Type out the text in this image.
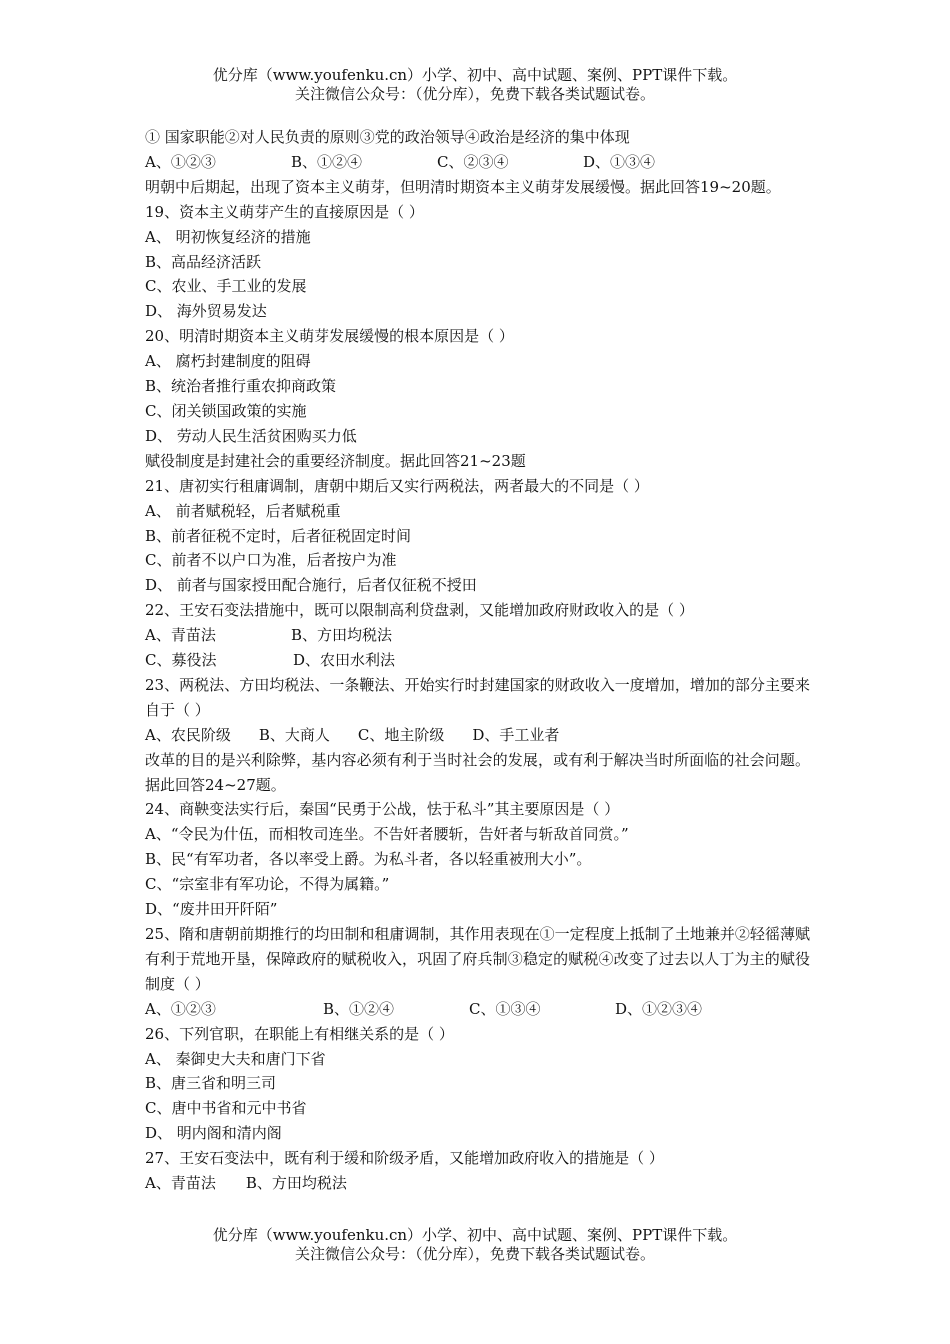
优分库（www.youfenku.cn）小学、初中、高中试题、案例、PPT课件下载。
关注微信公众号：（优分库），免费下载各类试题试卷。
① 国家职能②对人民负责的原则③党的政治领导④政治是经济的集中体现
A、①②③	B、①②④	C、②③④	D、①③④
明朝中后期起，出现了资本主义萌芽，但明清时期资本主义萌芽发展缓慢。据此回答19~20题。
19、资本主义萌芽产生的直接原因是（ ）
A、 明初恢复经济的措施
B、高品经济活跃
C、农业、手工业的发展
D、 海外贸易发达
20、明清时期资本主义萌芽发展缓慢的根本原因是（ ）
A、 腐朽封建制度的阻碍
B、统治者推行重农抑商政策
C、闭关锁国政策的实施
D、 劳动人民生活贫困购买力低
赋役制度是封建社会的重要经济制度。据此回答21~23题
21、唐初实行租庸调制，唐朝中期后又实行两税法，两者最大的不同是（ ）
A、 前者赋税轻，后者赋税重
B、前者征税不定时，后者征税固定时间
C、前者不以户口为准，后者按户为准
D、 前者与国家授田配合施行，后者仅征税不授田
22、王安石变法措施中，既可以限制高利贷盘剥，又能增加政府财政收入的是（ ）
A、青苗法	B、方田均税法
C、募役法	D、农田水利法
23、两税法、方田均税法、一条鞭法、开始实行时封建国家的财政收入一度增加，增加的部分主要来自于（ ）
A、农民阶级 B、大商人 C、地主阶级 D、手工业者
改革的目的是兴利除弊，基内容必须有利于当时社会的发展，或有利于解决当时所面临的社会问题。据此回答24~27题。
24、商鞅变法实行后，秦国“民勇于公战，怯于私斗”其主要原因是（ ）
A、“令民为什伍，而相牧司连坐。不告奸者腰斩，告奸者与斩敌首同赏。”
B、民“有军功者，各以率受上爵。为私斗者，各以轻重被刑大小”。
C、“宗室非有军功论，不得为属籍。”
D、“废井田开阡陌”
25、隋和唐朝前期推行的均田制和租庸调制，其作用表现在①一定程度上抵制了土地兼并②轻徭薄赋有利于荒地开垦，保障政府的赋税收入，巩固了府兵制③稳定的赋税④改变了过去以人丁为主的赋役制度（ ）
A、①②③	B、①②④	C、①③④	D、①②③④
26、下列官职，在职能上有相继关系的是（ ）
A、 秦御史大夫和唐门下省
B、唐三省和明三司
C、唐中书省和元中书省
D、 明内阁和清内阁
27、王安石变法中，既有利于缓和阶级矛盾，又能增加政府收入的措施是（ ）
A、青苗法 B、方田均税法
优分库（www.youfenku.cn）小学、初中、高中试题、案例、PPT课件下载。
关注微信公众号：（优分库），免费下载各类试题试卷。
